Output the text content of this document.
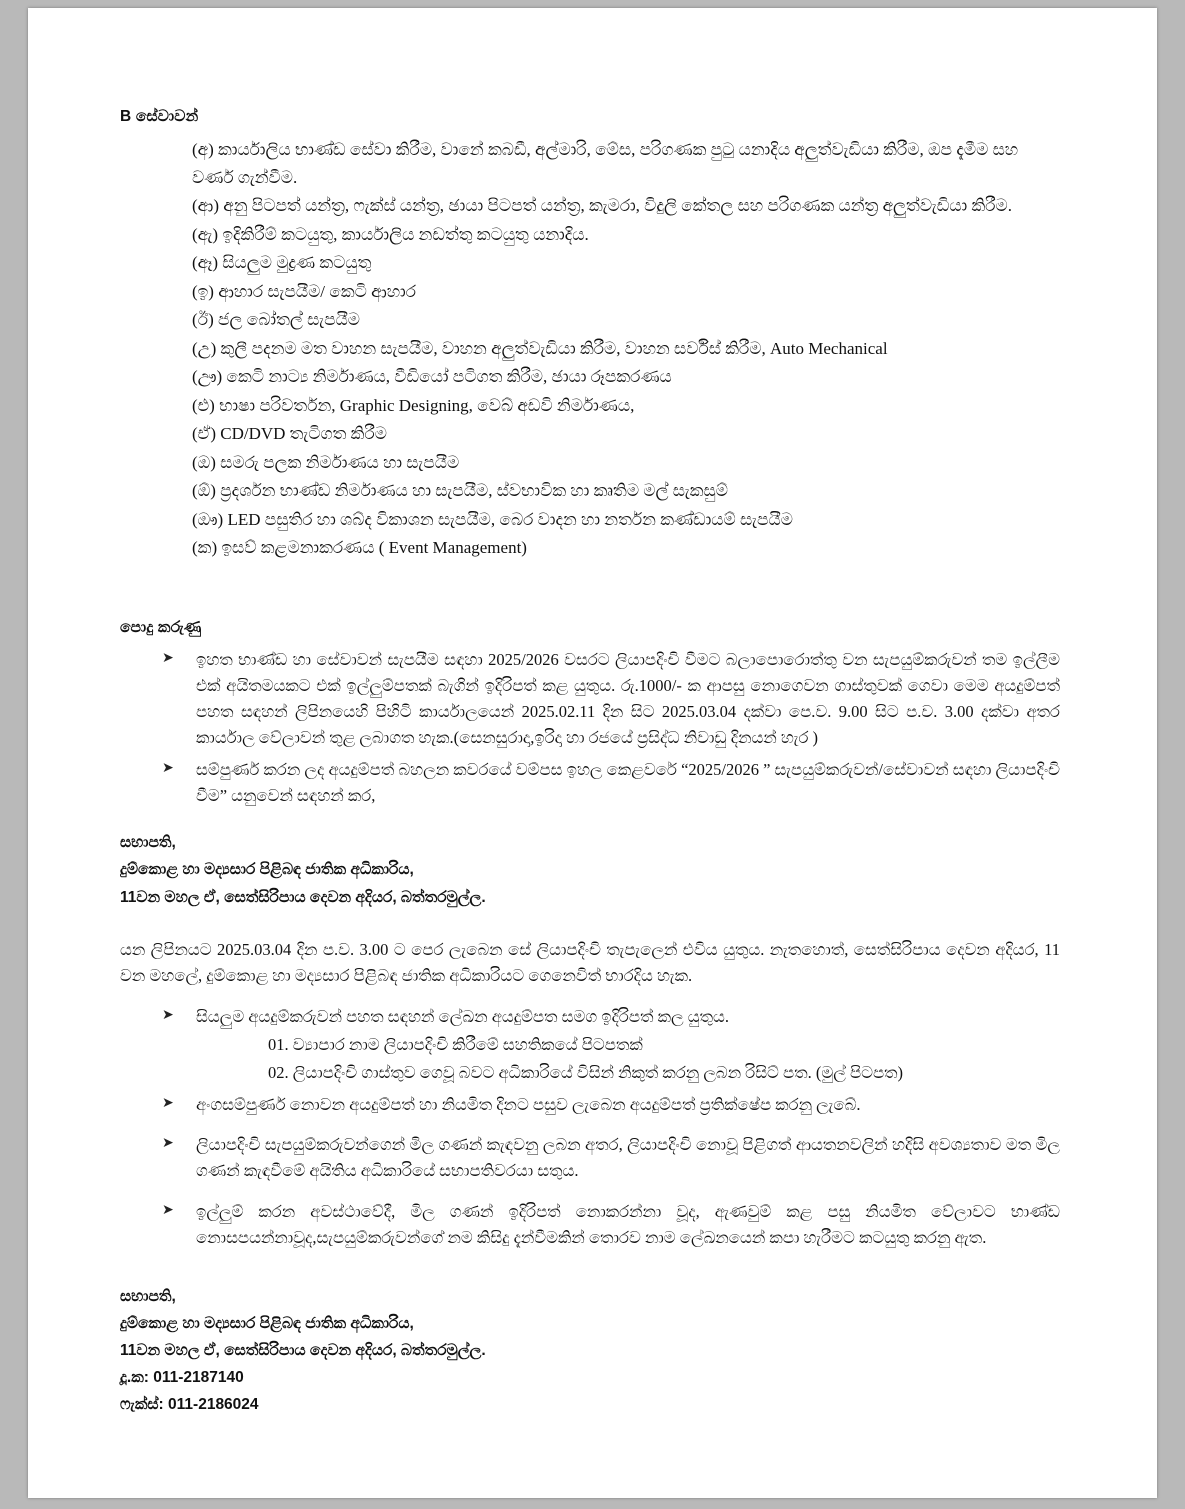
B සේවාවන්
(අ) කාර්යාලිය භාණ්ඩ සේවා කිරීම, වානේ කබඩී, අල්මාරි, මේස, පරිගණක පුටු යනාදිය අලුත්වැඩියා කිරීම, ඔප දැමීම සහ වර්ණ ගැන්වීම.
(ආ) අනු පිටපත් යන්ත්‍ර, ෆැක්ස් යන්ත්‍ර, ඡායා පිටපත් යන්ත්‍ර, කැමරා, විදුලි කේතල සහ පරිගණක යන්ත්‍ර අලුත්වැඩියා කිරීම.
(ඇ) ඉදිකිරීම් කටයුතු, කාර්යාලිය නඩත්තු කටයුතු යනාදිය.
(ඈ) සියලුම මුද්‍රණ කටයුතු
(ඉ) ආහාර සැපයීම/ කෙටි ආහාර
(ඊ) ජල බෝතල් සැපයීම
(උ) කුලී පදනම මත වාහන සැපයීම, වාහන අලුත්වැඩියා කිරීම, වාහන සර්විස් කිරීම, Auto Mechanical
(ඌ) කෙටි නාට්‍ය නිර්මාණය, වීඩියෝ පටිගත කිරීම, ඡායා රූපකරණය
(එ) භාෂා පරිවර්තන, Graphic Designing, වෙබ් අඩවි නිර්මාණය,
(ඒ) CD/DVD තැටිගත කිරීම
(ඔ) සමරු පලක නිර්මාණය හා සැපයීම
(ඕ) ප්‍රදර්ශන භාණ්ඩ නිර්මාණය හා සැපයීම, ස්වභාවික හා කෘතිම මල් සැකසුම්
(ඖ) LED පසුතිර හා ශබ්ද විකාශන සැපයීම, බෙර වාදන හා නර්තන කණ්ඩායම් සැපයීම
(ක) ඉසව් කළමනාකරණය ( Event Management)
පොදු කරුණු
➤ ඉහත භාණ්ඩ හා සේවාවන් සැපයීම සඳහා 2025/2026 වසරට ලියාපදිංචි වීමට බලාපොරොත්තු වන සැපයුම්කරුවන් තම ඉල්ලීම එක් අයිතමයකට එක් ඉල්ලුම්පතක් බැගින් ඉදිරිපත් කළ යුතුය. රු.1000/- ක ආපසු නොගෙවන ගාස්තුවක් ගෙවා මෙම අයදුම්පත් පහත සඳහන් ලිපිනයෙහි පිහිටි කාර්යාලයෙන් 2025.02.11 දින සිට 2025.03.04 දක්වා පෙ.ව. 9.00 සිට ප.ව. 3.00 දක්වා අතර කාර්යාල වේලාවන් තුළ ලබාගත හැක.(සෙනසුරාදා,ඉරිදා හා රජයේ ප්‍රසිද්ධ නිවාඩු දිනයන් හැර )
➤ සම්පුර්ණ කරන ලද අයදුම්පත් බහලන කවරයේ වම්පස ඉහල කෙළවරේ “2025/2026 ” සැපයුම්කරුවන්/සේවාවන් සඳහා ලියාපදිංචි වීම” යනුවෙන් සඳහන් කර,
සභාපති,
දුම්කොළ හා මද්‍යසාර පිළිබඳ ජාතික අධිකාරිය,
11වන මහල ඒ, සෙත්සිරිපාය දෙවන අදියර, බත්තරමුල්ල.

යන ලිපිනයට 2025.03.04 දින ප.ව. 3.00 ට පෙර ලැබෙන සේ ලියාපදිංචි තැපැලෙන් එවිය යුතුය. නැතහොත්, සෙත්සිරිපාය දෙවන අදියර, 11 වන මහලේ, දුම්කොළ හා මද්‍යසාර පිළිබඳ ජාතික අධිකාරියට ගෙනෙවිත් භාරදිය හැක.

➤ සියලුම අයදුම්කරුවන් පහත සඳහන් ලේඛන අයදුම්පත සමග ඉදිරිපත් කල යුතුය.
01. ව්‍යාපාර නාම ලියාපදිංචි කිරීමේ සහතිකයේ පිටපතක්
02. ලියාපදිංචි ගාස්තුව ගෙවූ බවට අධිකාරියේ විසින් නිකුත් කරනු ලබන රිසිට් පත. (මුල් පිටපත)
➤ අංගසම්පුර්ණ නොවන අයදුම්පත් හා නියමිත දිනට පසුව ලැබෙන අයදුම්පත් ප්‍රතික්ෂේප කරනු ලැබේ.
➤ ලියාපදිංචි සැපයුම්කරුවන්ගෙන් මිල ගණන් කැඳවනු ලබන අතර, ලියාපදිංචි නොවූ පිළිගත් ආයතනවලින් හදිසි අවශ්‍යතාව මත මිල ගණන් කැඳවීමේ අයිතිය අධිකාරියේ සභාපතිවරයා සතුය.
➤ ඉල්ලුම් කරන අවස්ථාවේදී, මිල ගණන් ඉදිරිපත් නොකරන්නා වූද, ඇණවුම් කළ පසු නියමිත වේලාවට භාණ්ඩ නොසපයන්නාවූද,සැපයුම්කරුවන්ගේ නම කිසිදු දැන්වීමකින් තොරව නාම ලේඛනයෙන් කපා හැරීමට කටයුතු කරනු ඇත.
සභාපති,
දුම්කොළ හා මද්‍යසාර පිළිබඳ ජාතික අධිකාරිය,
11වන මහල ඒ, සෙත්සිරිපාය දෙවන අදියර, බත්තරමුල්ල.
දූ.ක: 011-2187140
ෆැක්ස්: 011-2186024
